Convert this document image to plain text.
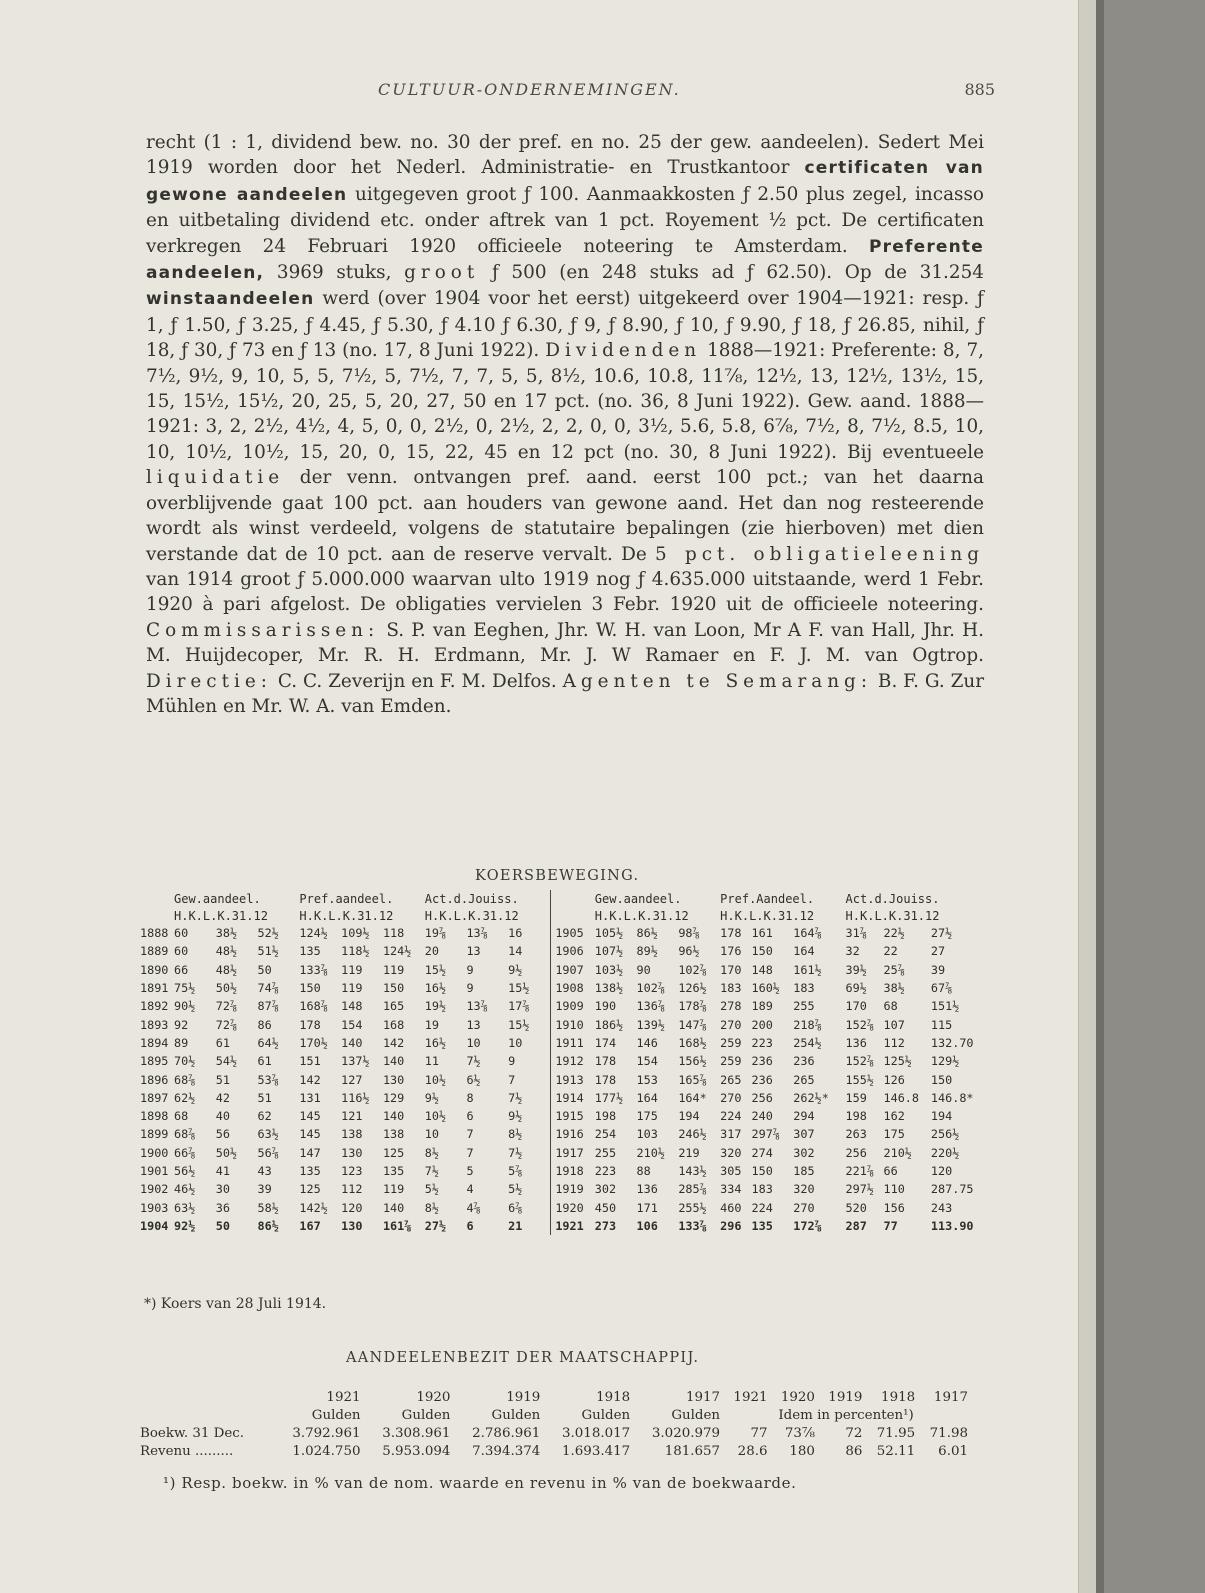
CULTUUR-ONDERNEMINGEN.	885

recht (1 : 1, dividend bew. no. 30 der pref. en no. 25 der gew. aandeelen). Sedert Mei 1919 worden door het Nederl. Administratie- en Trustkantoor certificaten van gewone aandeelen uitgegeven groot ƒ 100. Aanmaakkosten ƒ 2.50 plus zegel, incasso en uitbetaling dividend etc. onder aftrek van 1 pct. Royement ½ pct. De certificaten verkregen 24 Februari 1920 officieele noteering te Amsterdam. Preferente aandeelen, 3969 stuks, groot ƒ 500 (en 248 stuks ad ƒ 62.50). Op de 31.254 winstaandeelen werd (over 1904 voor het eerst) uitgekeerd over 1904—1921: resp. ƒ 1, ƒ 1.50, ƒ 3.25, ƒ 4.45, ƒ 5.30, ƒ 4.10 ƒ 6.30, ƒ 9, ƒ 8.90, ƒ 10, ƒ 9.90, ƒ 18, ƒ 26.85, nihil, ƒ 18, ƒ 30, ƒ 73 en ƒ 13 (no. 17, 8 Juni 1922). Dividenden 1888—1921: Preferente: 8, 7, 7½, 9½, 9, 10, 5, 5, 7½, 5, 7½, 7, 7, 5, 5, 8½, 10.6, 10.8, 11⅞, 12½, 13, 12½, 13½, 15, 15, 15½, 15½, 20, 25, 5, 20, 27, 50 en 17 pct. (no. 36, 8 Juni 1922). Gew. aand. 1888—1921: 3, 2, 2½, 4½, 4, 5, 0, 0, 2½, 0, 2½, 2, 2, 0, 0, 3½, 5.6, 5.8, 6⅞, 7½, 8, 7½, 8.5, 10, 10, 10½, 10½, 15, 20, 0, 15, 22, 45 en 12 pct (no. 30, 8 Juni 1922). Bij eventueele liquidatie der venn. ontvangen pref. aand. eerst 100 pct.; van het daarna overblijvende gaat 100 pct. aan houders van gewone aand. Het dan nog resteerende wordt als winst verdeeld, volgens de statutaire bepalingen (zie hierboven) met dien verstande dat de 10 pct. aan de reserve vervalt. De 5 pct. obligatieleening van 1914 groot ƒ 5.000.000 waarvan ulto 1919 nog ƒ 4.635.000 uitstaande, werd 1 Febr. 1920 à pari afgelost. De obligaties vervielen 3 Febr. 1920 uit de officieele noteering. Commissarissen: S. P. van Eeghen, Jhr. W. H. van Loon, Mr A F. van Hall, Jhr. H. M. Huijdecoper, Mr. R. H. Erdmann, Mr. J. W Ramaer en F. J. M. van Ogtrop. Directie: C. C. Zeverijn en F. M. Delfos. Agenten te Semarang: B. F. G. Zur Mühlen en Mr. W. A. van Emden.

KOERSBEWEGING.
	Gew.aandeel.			Pref.aandeel.			Act.d.Jouiss.				Gew.aandeel.			Pref.Aandeel.			Act.d.Jouiss.		
	H.K.L.K.31.12			H.K.L.K.31.12			H.K.L.K.31.12				H.K.L.K.31.12			H.K.L.K.31.12			H.K.L.K.31.12		
1888	60	38½	52½	124½	109½	118	19⅞	13⅞	16	1905	105½	86½	98⅞	178	161	164⅞	31⅞	22½	27½
1889	60	48½	51½	135	118½	124½	20	13	14	1906	107½	89½	96½	176	150	164	32	22	27
1890	66	48½	50	133⅞	119	119	15½	9	9½	1907	103½	90	102⅞	170	148	161½	39½	25⅞	39
1891	75½	50½	74⅞	150	119	150	16½	9	15½	1908	138½	102⅞	126½	183	160½	183	69½	38½	67⅞
1892	90½	72⅞	87⅞	168⅞	148	165	19½	13⅞	17⅞	1909	190	136⅞	178⅞	278	189	255	170	68	151½
1893	92	72⅞	86	178	154	168	19	13	15½	1910	186½	139½	147⅞	270	200	218⅞	152⅞	107	115
1894	89	61	64½	170½	140	142	16½	10	10	1911	174	146	168½	259	223	254½	136	112	132.70
1895	70½	54½	61	151	137½	140	11	7½	9	1912	178	154	156½	259	236	236	152⅞	125½	129½
1896	68⅞	51	53⅞	142	127	130	10½	6½	7	1913	178	153	165⅞	265	236	265	155½	126	150
1897	62½	42	51	131	116½	129	9½	8	7½	1914	177½	164	164*	270	256	262½*	159	146.8	146.8*
1898	68	40	62	145	121	140	10½	6	9½	1915	198	175	194	224	240	294	198	162	194
1899	68⅞	56	63½	145	138	138	10	7	8½	1916	254	103	246½	317	297⅞	307	263	175	256½
1900	66⅞	50½	56⅞	147	130	125	8½	7	7½	1917	255	210½	219	320	274	302	256	210½	220½
1901	56½	41	43	135	123	135	7½	5	5⅞	1918	223	88	143½	305	150	185	221⅞	66	120
1902	46½	30	39	125	112	119	5½	4	5½	1919	302	136	285⅞	334	183	320	297½	110	287.75
1903	63½	36	58½	142½	120	140	8½	4⅞	6⅞	1920	450	171	255½	460	224	270	520	156	243
1904	92½	50	86½	167	130	161⅞	27½	6	21	1921	273	106	133⅞	296	135	172⅞	287	77	113.90
*) Koers van 28 Juli 1914.
AANDEELENBEZIT DER MAATSCHAPPIJ.
	1921	1920	1919	1918	1917	1921	1920	1919	1918	1917
	Gulden	Gulden	Gulden	Gulden	Gulden	Idem in percenten¹)				
Boekw. 31 Dec.	3.792.961	3.308.961	2.786.961	3.018.017	3.020.979	77	73⅞	72	71.95	71.98
Revenu .........	1.024.750	5.953.094	7.394.374	1.693.417	181.657	28.6	180	86	52.11	6.01
¹) Resp. boekw. in % van de nom. waarde en revenu in % van de boekwaarde.
